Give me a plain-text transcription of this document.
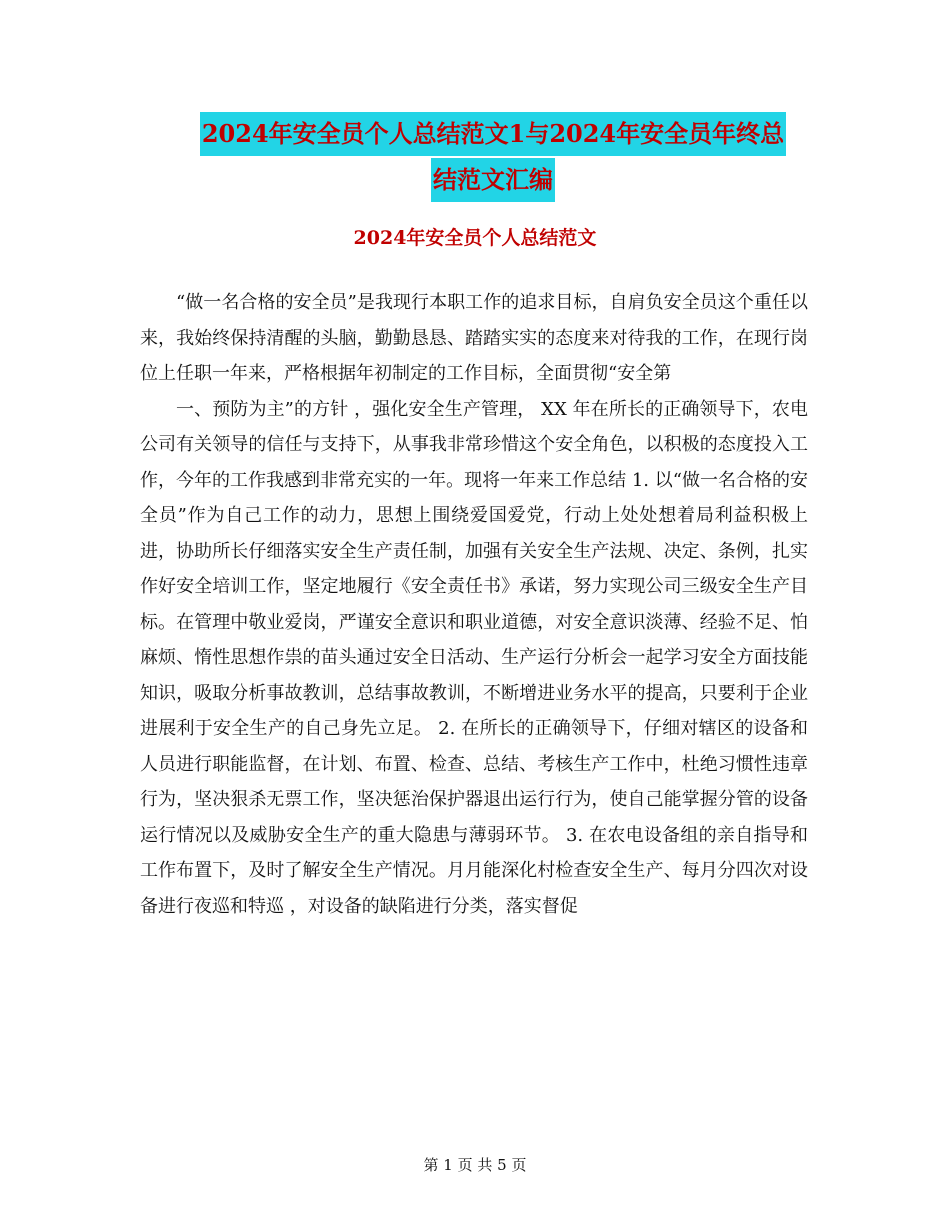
2024年安全员个人总结范文1与2024年安全员年终总
结范文汇编
2024年安全员个人总结范文

“做一名合格的安全员”是我现行本职工作的追求目标，自肩负安全员这个重任以来，我始终保持清醒的头脑，勤勤恳恳、踏踏实实的态度来对待我的工作，在现行岗位上任职一年来，严格根据年初制定的工作目标，全面贯彻“安全第

一、预防为主”的方针 ，强化安全生产管理， XX 年在所长的正确领导下，农电公司有关领导的信任与支持下，从事我非常珍惜这个安全角色，以积极的态度投入工作，今年的工作我感到非常充实的一年。现将一年来工作总结 1. 以“做一名合格的安全员”作为自己工作的动力，思想上围绕爱国爱党，行动上处处想着局利益积极上进，协助所长仔细落实安全生产责任制，加强有关安全生产法规、决定、条例，扎实作好安全培训工作，坚定地履行《安全责任书》承诺，努力实现公司三级安全生产目标。在管理中敬业爱岗，严谨安全意识和职业道德，对安全意识淡薄、经验不足、怕麻烦、惰性思想作祟的苗头通过安全日活动、生产运行分析会一起学习安全方面技能知识，吸取分析事故教训，总结事故教训，不断增进业务水平的提高，只要利于企业进展利于安全生产的自己身先立足。 2. 在所长的正确领导下，仔细对辖区的设备和人员进行职能监督，在计划、布置、检查、总结、考核生产工作中，杜绝习惯性违章行为，坚决狠杀无票工作，坚决惩治保护器退出运行行为，使自己能掌握分管的设备运行情况以及威胁安全生产的重大隐患与薄弱环节。 3. 在农电设备组的亲自指导和工作布置下，及时了解安全生产情况。月月能深化村检查安全生产、每月分四次对设备进行夜巡和特巡 ，对设备的缺陷进行分类，落实督促

第 1 页 共 5 页
